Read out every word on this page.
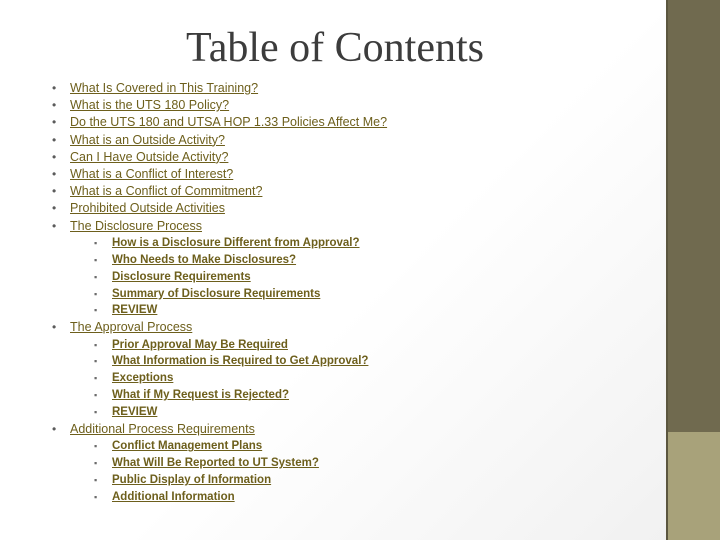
Table of Contents
•	What Is Covered in This Training?
•	What is the UTS 180 Policy?
•	Do the UTS 180 and UTSA HOP 1.33 Policies Affect Me?
•	What is an Outside Activity?
•	Can I Have Outside Activity?
•	What is a Conflict of Interest?
•	What is a Conflict of Commitment?
•	Prohibited Outside Activities
•	The Disclosure Process
▪	How is a Disclosure Different from Approval?
▪	Who Needs to Make Disclosures?
▪	Disclosure Requirements
▪	Summary of Disclosure Requirements
▪	REVIEW
•	The Approval Process
▪	Prior Approval May Be Required
▪	What Information is Required to Get Approval?
▪	Exceptions
▪	What if My Request is Rejected?
▪	REVIEW
•	Additional Process Requirements
▪	Conflict Management Plans
▪	What Will Be Reported to UT System?
▪	Public Display of Information
▪	Additional Information
